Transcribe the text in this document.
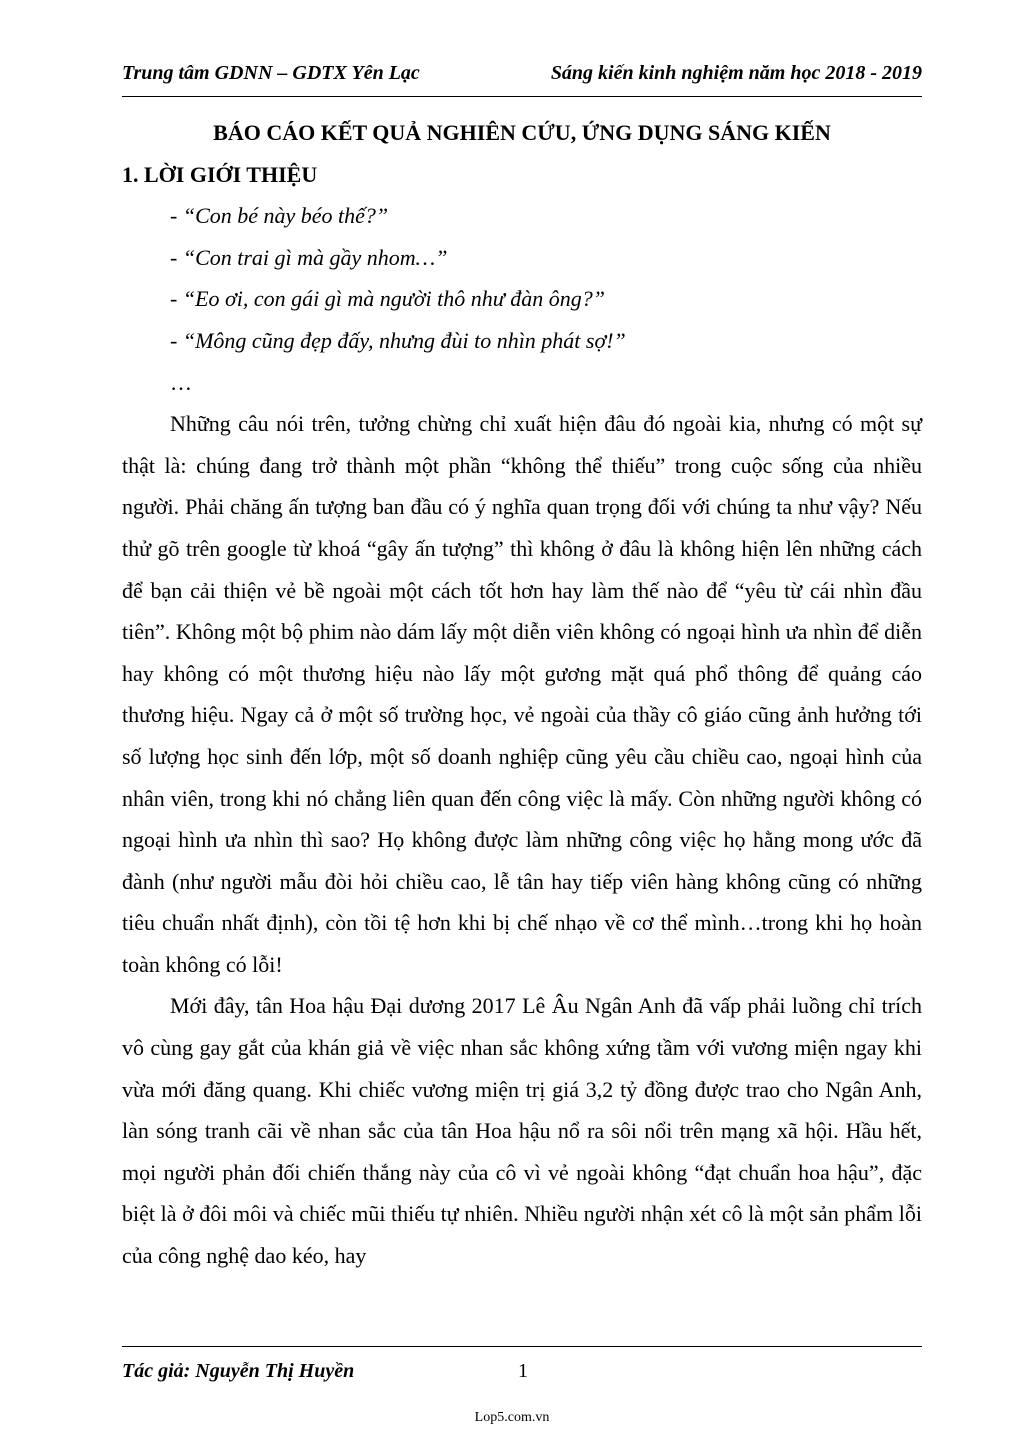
Trung tâm GDNN – GDTX Yên Lạc	Sáng kiến kinh nghiệm năm học 2018 - 2019

BÁO CÁO KẾT QUẢ NGHIÊN CỨU, ỨNG DỤNG SÁNG KIẾN

1. LỜI GIỚI THIỆU

- “Con bé này béo thế?”

- “Con trai gì mà gầy nhom…”

- “Eo ơi, con gái gì mà người thô như đàn ông?”

- “Mông cũng đẹp đấy, nhưng đùi to nhìn phát sợ!”

…

Những câu nói trên, tưởng chừng chỉ xuất hiện đâu đó ngoài kia, nhưng có một sự thật là: chúng đang trở thành một phần “không thể thiếu” trong cuộc sống của nhiều người. Phải chăng ấn tượng ban đầu có ý nghĩa quan trọng đối với chúng ta như vậy? Nếu thử gõ trên google từ khoá “gây ấn tượng” thì không ở đâu là không hiện lên những cách để bạn cải thiện vẻ bề ngoài một cách tốt hơn hay làm thế nào để “yêu từ cái nhìn đầu tiên”. Không một bộ phim nào dám lấy một diễn viên không có ngoại hình ưa nhìn để diễn hay không có một thương hiệu nào lấy một gương mặt quá phổ thông để quảng cáo thương hiệu. Ngay cả ở một số trường học, vẻ ngoài của thầy cô giáo cũng ảnh hưởng tới số lượng học sinh đến lớp, một số doanh nghiệp cũng yêu cầu chiều cao, ngoại hình của nhân viên, trong khi nó chẳng liên quan đến công việc là mấy. Còn những người không có ngoại hình ưa nhìn thì sao? Họ không được làm những công việc họ hằng mong ước đã đành (như người mẫu đòi hỏi chiều cao, lễ tân hay tiếp viên hàng không cũng có những tiêu chuẩn nhất định), còn tồi tệ hơn khi bị chế nhạo về cơ thể mình…trong khi họ hoàn toàn không có lỗi!

Mới đây, tân Hoa hậu Đại dương 2017 Lê Âu Ngân Anh đã vấp phải luồng chỉ trích vô cùng gay gắt của khán giả về việc nhan sắc không xứng tầm với vương miện ngay khi vừa mới đăng quang. Khi chiếc vương miện trị giá 3,2 tỷ đồng được trao cho Ngân Anh, làn sóng tranh cãi về nhan sắc của tân Hoa hậu nổ ra sôi nổi trên mạng xã hội. Hầu hết, mọi người phản đối chiến thắng này của cô vì vẻ ngoài không “đạt chuẩn hoa hậu”, đặc biệt là ở đôi môi và chiếc mũi thiếu tự nhiên. Nhiều người nhận xét cô là một sản phẩm lỗi của công nghệ dao kéo, hay

Tác giả: Nguyễn Thị Huyền	1
Lop5.com.vn
